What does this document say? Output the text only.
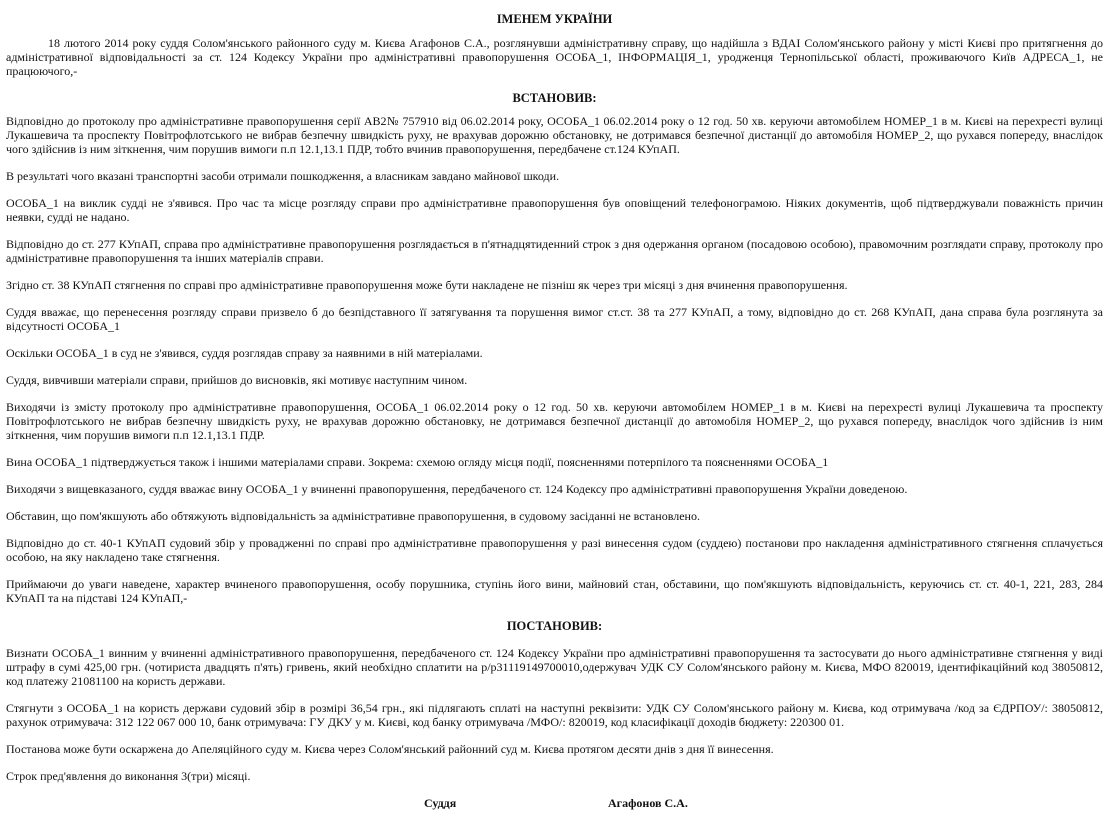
ІМЕНЕМ УКРАЇНИ

18 лютого 2014 року суддя Солом'янського районного суду м. Києва Агафонов С.А., розглянувши адміністративну справу, що надійшла з ВДАІ Солом'янського району у місті Києві про притягнення до адміністративної відповідальності за ст. 124 Кодексу України про адміністративні правопорушення ОСОБА_1, ІНФОРМАЦІЯ_1, уродженця Тернопільської області, проживаючого Київ АДРЕСА_1, не працюючого,-

ВСТАНОВИВ:

Відповідно до протоколу про адміністративне правопорушення серії АВ2№ 757910 від 06.02.2014 року, ОСОБА_1 06.02.2014 року о 12 год. 50 хв. керуючи автомобілем НОМЕР_1 в м. Києві на перехресті вулиці Лукашевича та проспекту Повітрофлотського не вибрав безпечну швидкість руху, не врахував дорожню обстановку, не дотримався безпечної дистанції до автомобіля НОМЕР_2, що рухався попереду, внаслідок чого здійснив із ним зіткнення, чим порушив вимоги п.п 12.1,13.1 ПДР, тобто вчинив правопорушення, передбачене ст.124 КУпАП.

В результаті чого вказані транспортні засоби отримали пошкодження, а власникам завдано майнової шкоди.

ОСОБА_1 на виклик судді не з'явився. Про час та місце розгляду справи про адміністративне правопорушення був оповіщений телефонограмою. Ніяких документів, щоб підтверджували поважність причин неявки, судді не надано.

Відповідно до ст. 277 КУпАП, справа про адміністративне правопорушення розглядається в п'ятнадцятиденний строк з дня одержання органом (посадовою особою), правомочним розглядати справу, протоколу про адміністративне правопорушення та інших матеріалів справи.

Згідно ст. 38 КУпАП стягнення по справі про адміністративне правопорушення може бути накладене не пізніш як через три місяці з дня вчинення правопорушення.

Суддя вважає, що перенесення розгляду справи призвело б до безпідставного її затягування та порушення вимог ст.ст. 38 та 277 КУпАП, а тому, відповідно до ст. 268 КУпАП, дана справа була розглянута за відсутності ОСОБА_1

Оскільки ОСОБА_1 в суд не з'явився, суддя розглядав справу за наявними в ній матеріалами.

Суддя, вивчивши матеріали справи, прийшов до висновків, які мотивує наступним чином.

Виходячи із змісту протоколу про адміністративне правопорушення, ОСОБА_1 06.02.2014 року о 12 год. 50 хв. керуючи автомобілем НОМЕР_1 в м. Києві на перехресті вулиці Лукашевича та проспекту Повітрофлотського не вибрав безпечну швидкість руху, не врахував дорожню обстановку, не дотримався безпечної дистанції до автомобіля НОМЕР_2, що рухався попереду, внаслідок чого здійснив із ним зіткнення, чим порушив вимоги п.п 12.1,13.1 ПДР.

Вина ОСОБА_1 підтверджується також і іншими матеріалами справи. Зокрема: схемою огляду місця події, поясненнями потерпілого та поясненнями ОСОБА_1

Виходячи з вищевказаного, суддя вважає вину ОСОБА_1 у вчиненні правопорушення, передбаченого ст. 124 Кодексу про адміністративні правопорушення України доведеною.

Обставин, що пом'якшують або обтяжують відповідальність за адміністративне правопорушення, в судовому засіданні не встановлено.

Відповідно до ст. 40-1 КУпАП судовий збір у провадженні по справі про адміністративне правопорушення у разі винесення судом (суддею) постанови про накладення адміністративного стягнення сплачується особою, на яку накладено таке стягнення.

Приймаючи до уваги наведене, характер вчиненого правопорушення, особу порушника, ступінь його вини, майновий стан, обставини, що пом'якшують відповідальність, керуючись ст. ст. 40-1, 221, 283, 284 КУпАП та на підставі 124 КУпАП,-

ПОСТАНОВИВ:

Визнати ОСОБА_1 винним у вчиненні адміністративного правопорушення, передбаченого ст. 124 Кодексу України про адміністративні правопорушення та застосувати до нього адміністративне стягнення у виді штрафу в сумі 425,00 грн. (чотириста двадцять п'ять) гривень, який необхідно сплатити на р/р31119149700010,одержувач УДК СУ Солом'янського району м. Києва, МФО 820019, ідентифікаційний код 38050812, код платежу 21081100 на користь держави.

Стягнути з ОСОБА_1 на користь держави судовий збір в розмірі 36,54 грн., які підлягають сплаті на наступні реквізити: УДК СУ Солом'янського району м. Києва, код отримувача /код за ЄДРПОУ/: 38050812, рахунок отримувача: 312 122 067 000 10, банк отримувача: ГУ ДКУ у м. Києві, код банку отримувача /МФО/: 820019, код класифікації доходів бюджету: 220300 01.

Постанова може бути оскаржена до Апеляційного суду м. Києва через Солом'янський районний суд м. Києва протягом десяти днів з дня її винесення.

Строк пред'явлення до виконання 3(три) місяці.

Суддя	Агафонов С.А.
